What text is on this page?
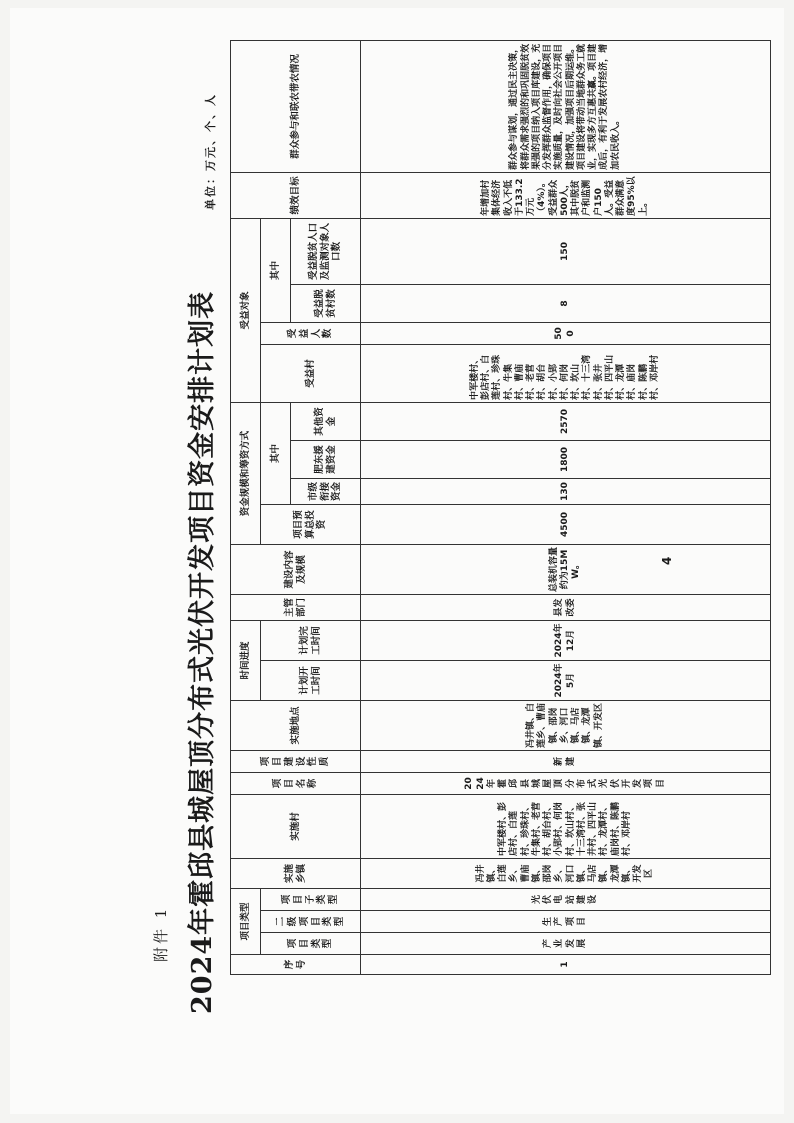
附件 1 2024年霍邱县城屋顶分布式光伏开发项目资金安排计划表
单位：万元、个、人
4
序号	项目类型			实施乡镇	实施村	项目名称	项目建设性质	实施地点	时间进度		主管部门	建设内容及规模	资金规模和筹资方式				受益对象				绩效目标	群众参与和联农带农情况
	项目类型	二级项目类型	项目子类型						计划开工时间	计划完工时间			项目预算总投资	其中			受益村	受益人数	其中			
														市级衔接资金	肥东援建资金	其他资金			受益脱贫村数	受益脱贫人口及监测对象人口数		
1	产业发展	生产项目	光伏电站建设	冯井镇、白莲乡、曹庙镇、邵岗乡、河口镇、马店镇、龙潭镇、开发区	中军楼村、彭店村、白莲村、珍珠村、牛集村、老营村、胡台村、小郢村、何岗村、坎山村、十三湾村、张井村、四平山村、龙潭村、庙岗村、陈鹏村、邓岸村	2024年霍邱县城屋顶分布式光伏开发项目	新建	冯井镇、白莲乡、曹庙镇、邵岗乡、河口镇、马店镇、龙潭镇、开发区	2024年5月	2024年12月	县发改委	总装机容量约为15MW。	4500	130	1800	2570	中军楼村、彭店村、白莲村、珍珠村、牛集村、曹庙村、老营村、胡台村、小郢村、何岗村、坎山村、十三湾村、张井村、四平山村、龙潭村、庙岗村、陈鹏村、邓岸村	500	8	150	年增加村集体经济收入不低于133.2万元（4%）。受益群众500人，其中脱贫户和监测户150人。受益群众满意度95%以上。	群众参与谋划，通过民主决策，将群众需求强烈的和巩固脱贫效果强的项目纳入项目库建设，充分发挥群众监督作用，确保项目实施质量，及时向社会公开项目建设情况，加强项目后期运维。项目建设将带动当地群众务工就业，实现多方互惠共赢。项目建成后，有利于发展农村经济，增加农民收入。
